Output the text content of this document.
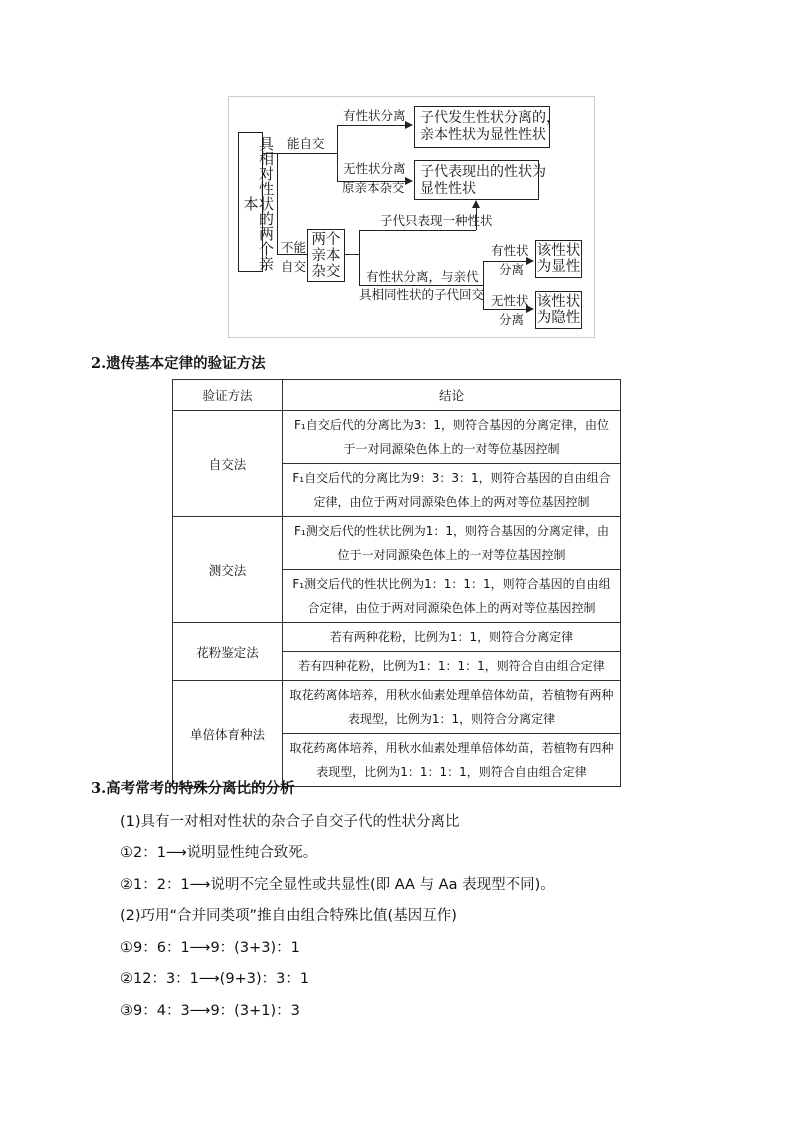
具相对性状的两个亲本
能自交
不能
自交
有性状分离
无性状分离
原亲本杂交
子代发生性状分离的，
亲本性状为显性性状
子代表现出的性状为
显性性状
两个
亲本
杂交
子代只表现一种性状
有性状分离，与亲代
具相同性状的子代回交
有性状
分离
无性状
分离
该性状
为显性
该性状
为隐性
2.遗传基本定律的验证方法
验证方法	结论
自交法	F₁自交后代的分离比为3：1，则符合基因的分离定律，由位于一对同源染色体上的一对等位基因控制
	F₁自交后代的分离比为9：3：3：1，则符合基因的自由组合定律，由位于两对同源染色体上的两对等位基因控制
测交法	F₁测交后代的性状比例为1：1，则符合基因的分离定律，由位于一对同源染色体上的一对等位基因控制
	F₁测交后代的性状比例为1：1：1：1，则符合基因的自由组合定律，由位于两对同源染色体上的两对等位基因控制
花粉鉴定法	若有两种花粉，比例为1：1，则符合分离定律
	若有四种花粉，比例为1：1：1：1，则符合自由组合定律
单倍体育种法	取花药离体培养，用秋水仙素处理单倍体幼苗，若植物有两种表现型，比例为1：1，则符合分离定律
	取花药离体培养，用秋水仙素处理单倍体幼苗，若植物有四种表现型，比例为1：1：1：1，则符合自由组合定律
3.高考常考的特殊分离比的分析
(1)具有一对相对性状的杂合子自交子代的性状分离比
①2：1⟶说明显性纯合致死。
②1：2：1⟶说明不完全显性或共显性(即 AA 与 Aa 表现型不同)。
(2)巧用“合并同类项”推自由组合特殊比值(基因互作)
①9：6：1⟶9：(3+3)：1
②12：3：1⟶(9+3)：3：1
③9：4：3⟶9：(3+1)：3
